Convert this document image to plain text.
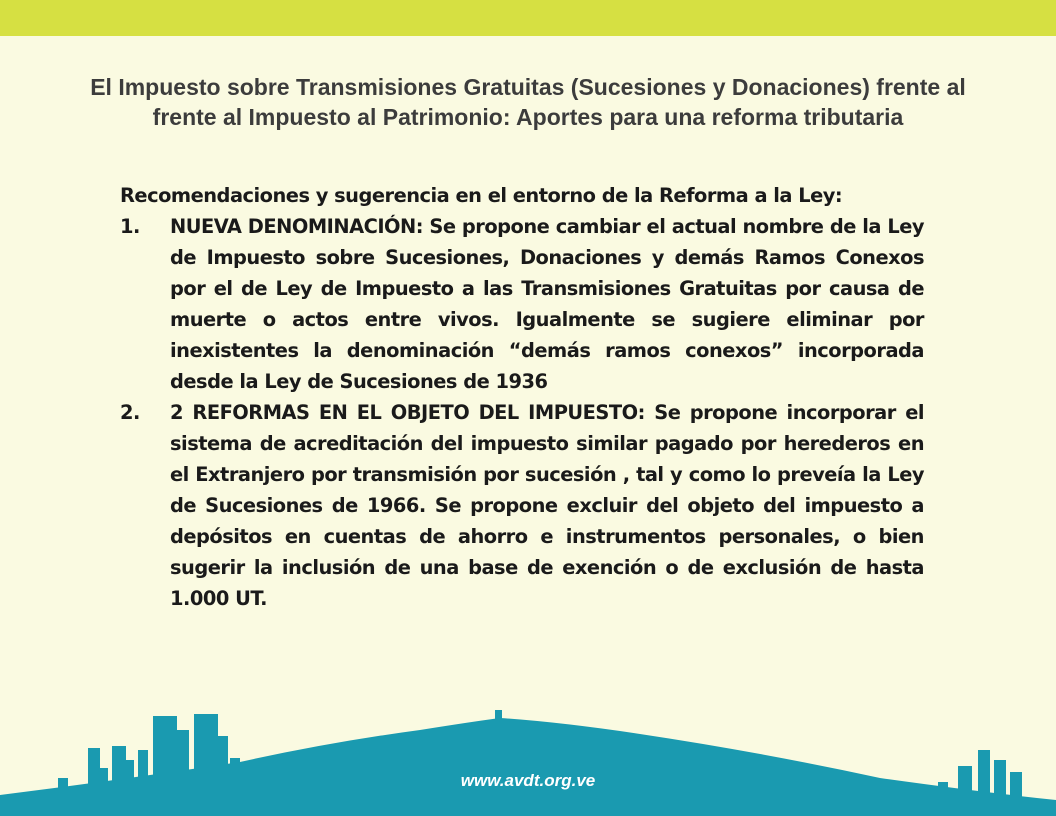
El Impuesto sobre Transmisiones Gratuitas (Sucesiones y Donaciones) frente al frente al Impuesto al Patrimonio: Aportes para una reforma tributaria

Recomendaciones y sugerencia en el entorno de la Reforma a la Ley:

1. NUEVA DENOMINACIÓN: Se propone cambiar el actual nombre de la Ley de Impuesto sobre Sucesiones, Donaciones y demás Ramos Conexos por el de Ley de Impuesto a las Transmisiones Gratuitas por causa de muerte o actos entre vivos. Igualmente se sugiere eliminar por inexistentes la denominación “demás ramos conexos” incorporada desde la Ley de Sucesiones de 1936
2. 2 REFORMAS EN EL OBJETO DEL IMPUESTO: Se propone incorporar el sistema de acreditación del impuesto similar pagado por herederos en el Extranjero por transmisión por sucesión , tal y como lo preveía la Ley de Sucesiones de 1966. Se propone excluir del objeto del impuesto a depósitos en cuentas de ahorro e instrumentos personales, o bien sugerir la inclusión de una base de exención o de exclusión de hasta 1.000 UT.
www.avdt.org.ve
